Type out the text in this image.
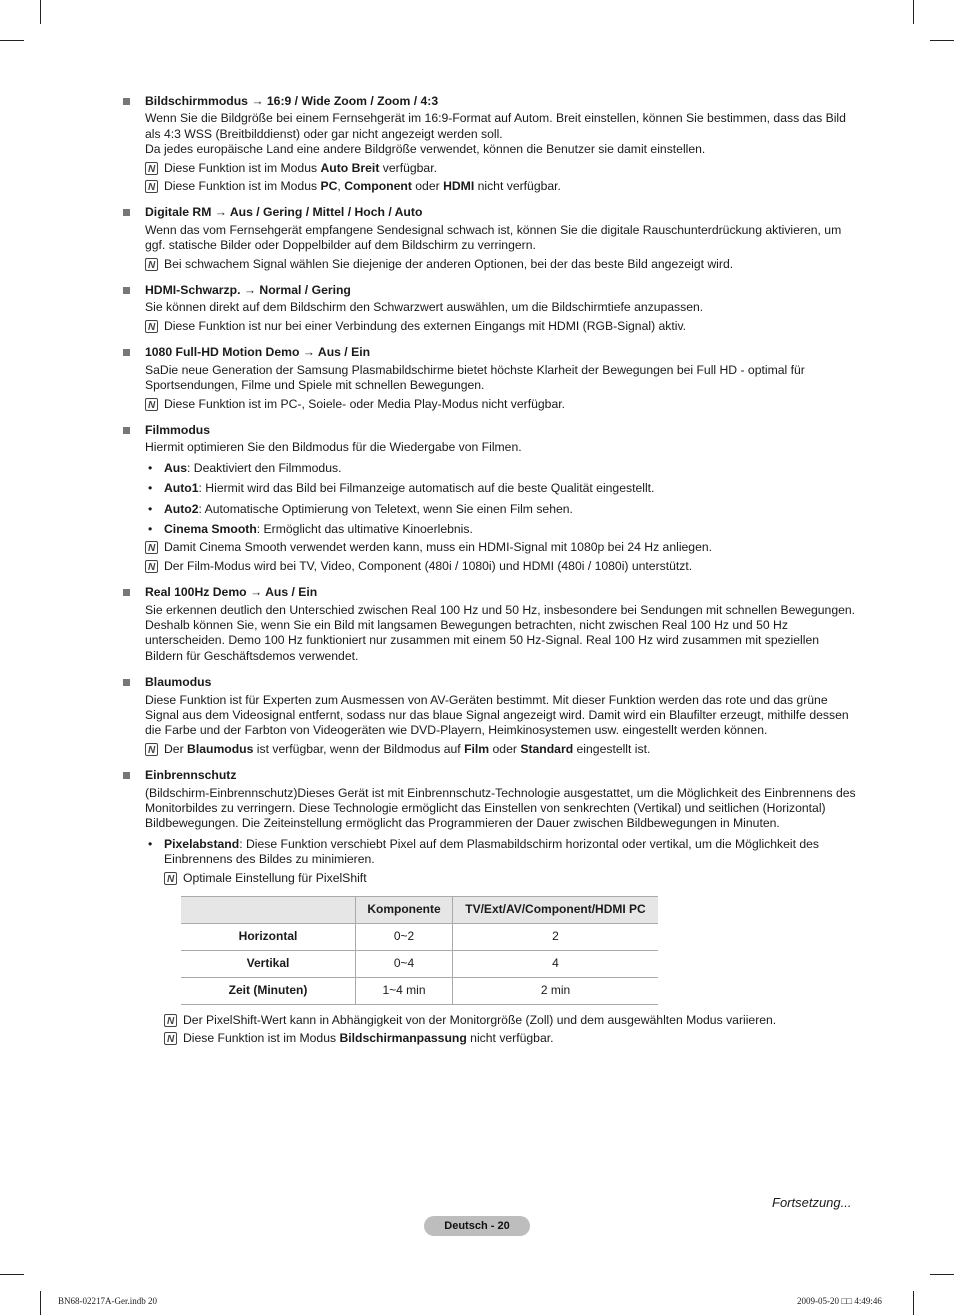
Bildschirmmodus → 16:9 / Wide Zoom / Zoom / 4:3

Wenn Sie die Bildgröße bei einem Fernsehgerät im 16:9-Format auf Autom. Breit einstellen, können Sie bestimmen, dass das Bild als 4:3 WSS (Breitbilddienst) oder gar nicht angezeigt werden soll.

Da jedes europäische Land eine andere Bildgröße verwendet, können die Benutzer sie damit einstellen.

N
Diese Funktion ist im Modus Auto Breit verfügbar.
N
Diese Funktion ist im Modus PC, Component oder HDMI nicht verfügbar.
Digitale RM → Aus / Gering / Mittel / Hoch / Auto

Wenn das vom Fernsehgerät empfangene Sendesignal schwach ist, können Sie die digitale Rauschunterdrückung aktivieren, um ggf. statische Bilder oder Doppelbilder auf dem Bildschirm zu verringern.

N
Bei schwachem Signal wählen Sie diejenige der anderen Optionen, bei der das beste Bild angezeigt wird.
HDMI-Schwarzp. → Normal / Gering

Sie können direkt auf dem Bildschirm den Schwarzwert auswählen, um die Bildschirmtiefe anzupassen.

N
Diese Funktion ist nur bei einer Verbindung des externen Eingangs mit HDMI (RGB-Signal) aktiv.
1080 Full-HD Motion Demo → Aus / Ein

SaDie neue Generation der Samsung Plasmabildschirme bietet höchste Klarheit der Bewegungen bei Full HD - optimal für Sportsendungen, Filme und Spiele mit schnellen Bewegungen.

N
Diese Funktion ist im PC-, Soiele- oder Media Play-Modus nicht verfügbar.
Filmmodus

Hiermit optimieren Sie den Bildmodus für die Wiedergabe von Filmen.

• Aus: Deaktiviert den Filmmodus.
• Auto1: Hiermit wird das Bild bei Filmanzeige automatisch auf die beste Qualität eingestellt.
• Auto2: Automatische Optimierung von Teletext, wenn Sie einen Film sehen.
• Cinema Smooth: Ermöglicht das ultimative Kinoerlebnis.
N
Damit Cinema Smooth verwendet werden kann, muss ein HDMI-Signal mit 1080p bei 24 Hz anliegen.
N
Der Film-Modus wird bei TV, Video, Component (480i / 1080i) und HDMI (480i / 1080i) unterstützt.
Real 100Hz Demo → Aus / Ein

Sie erkennen deutlich den Unterschied zwischen Real 100 Hz und 50 Hz, insbesondere bei Sendungen mit schnellen Bewegungen. Deshalb können Sie, wenn Sie ein Bild mit langsamen Bewegungen betrachten, nicht zwischen Real 100 Hz und 50 Hz unterscheiden. Demo 100 Hz funktioniert nur zusammen mit einem 50 Hz-Signal. Real 100 Hz wird zusammen mit speziellen Bildern für Geschäftsdemos verwendet.

Blaumodus

Diese Funktion ist für Experten zum Ausmessen von AV-Geräten bestimmt. Mit dieser Funktion werden das rote und das grüne Signal aus dem Videosignal entfernt, sodass nur das blaue Signal angezeigt wird. Damit wird ein Blaufilter erzeugt, mithilfe dessen die Farbe und der Farbton von Videogeräten wie DVD-Playern, Heimkinosystemen usw. eingestellt werden können.

N
Der Blaumodus ist verfügbar, wenn der Bildmodus auf Film oder Standard eingestellt ist.
Einbrennschutz

(Bildschirm-Einbrennschutz)Dieses Gerät ist mit Einbrennschutz-Technologie ausgestattet, um die Möglichkeit des Einbrennens des Monitorbildes zu verringern. Diese Technologie ermöglicht das Einstellen von senkrechten (Vertikal) und seitlichen (Horizontal) Bildbewegungen. Die Zeiteinstellung ermöglicht das Programmieren der Dauer zwischen Bildbewegungen in Minuten.

• Pixelabstand: Diese Funktion verschiebt Pixel auf dem Plasmabildschirm horizontal oder vertikal, um die Möglichkeit des Einbrennens des Bildes zu minimieren.
N
Optimale Einstellung für PixelShift
	Komponente	TV/Ext/AV/Component/HDMI PC
Horizontal	0~2	2
Vertikal	0~4	4
Zeit (Minuten)	1~4 min	2 min
N
Der PixelShift-Wert kann in Abhängigkeit von der Monitorgröße (Zoll) und dem ausgewählten Modus variieren.
N
Diese Funktion ist im Modus Bildschirmanpassung nicht verfügbar.
Fortsetzung...
Deutsch - 20
BN68-02217A-Ger.indb 20	2009-05-20 □□ 4:49:46
